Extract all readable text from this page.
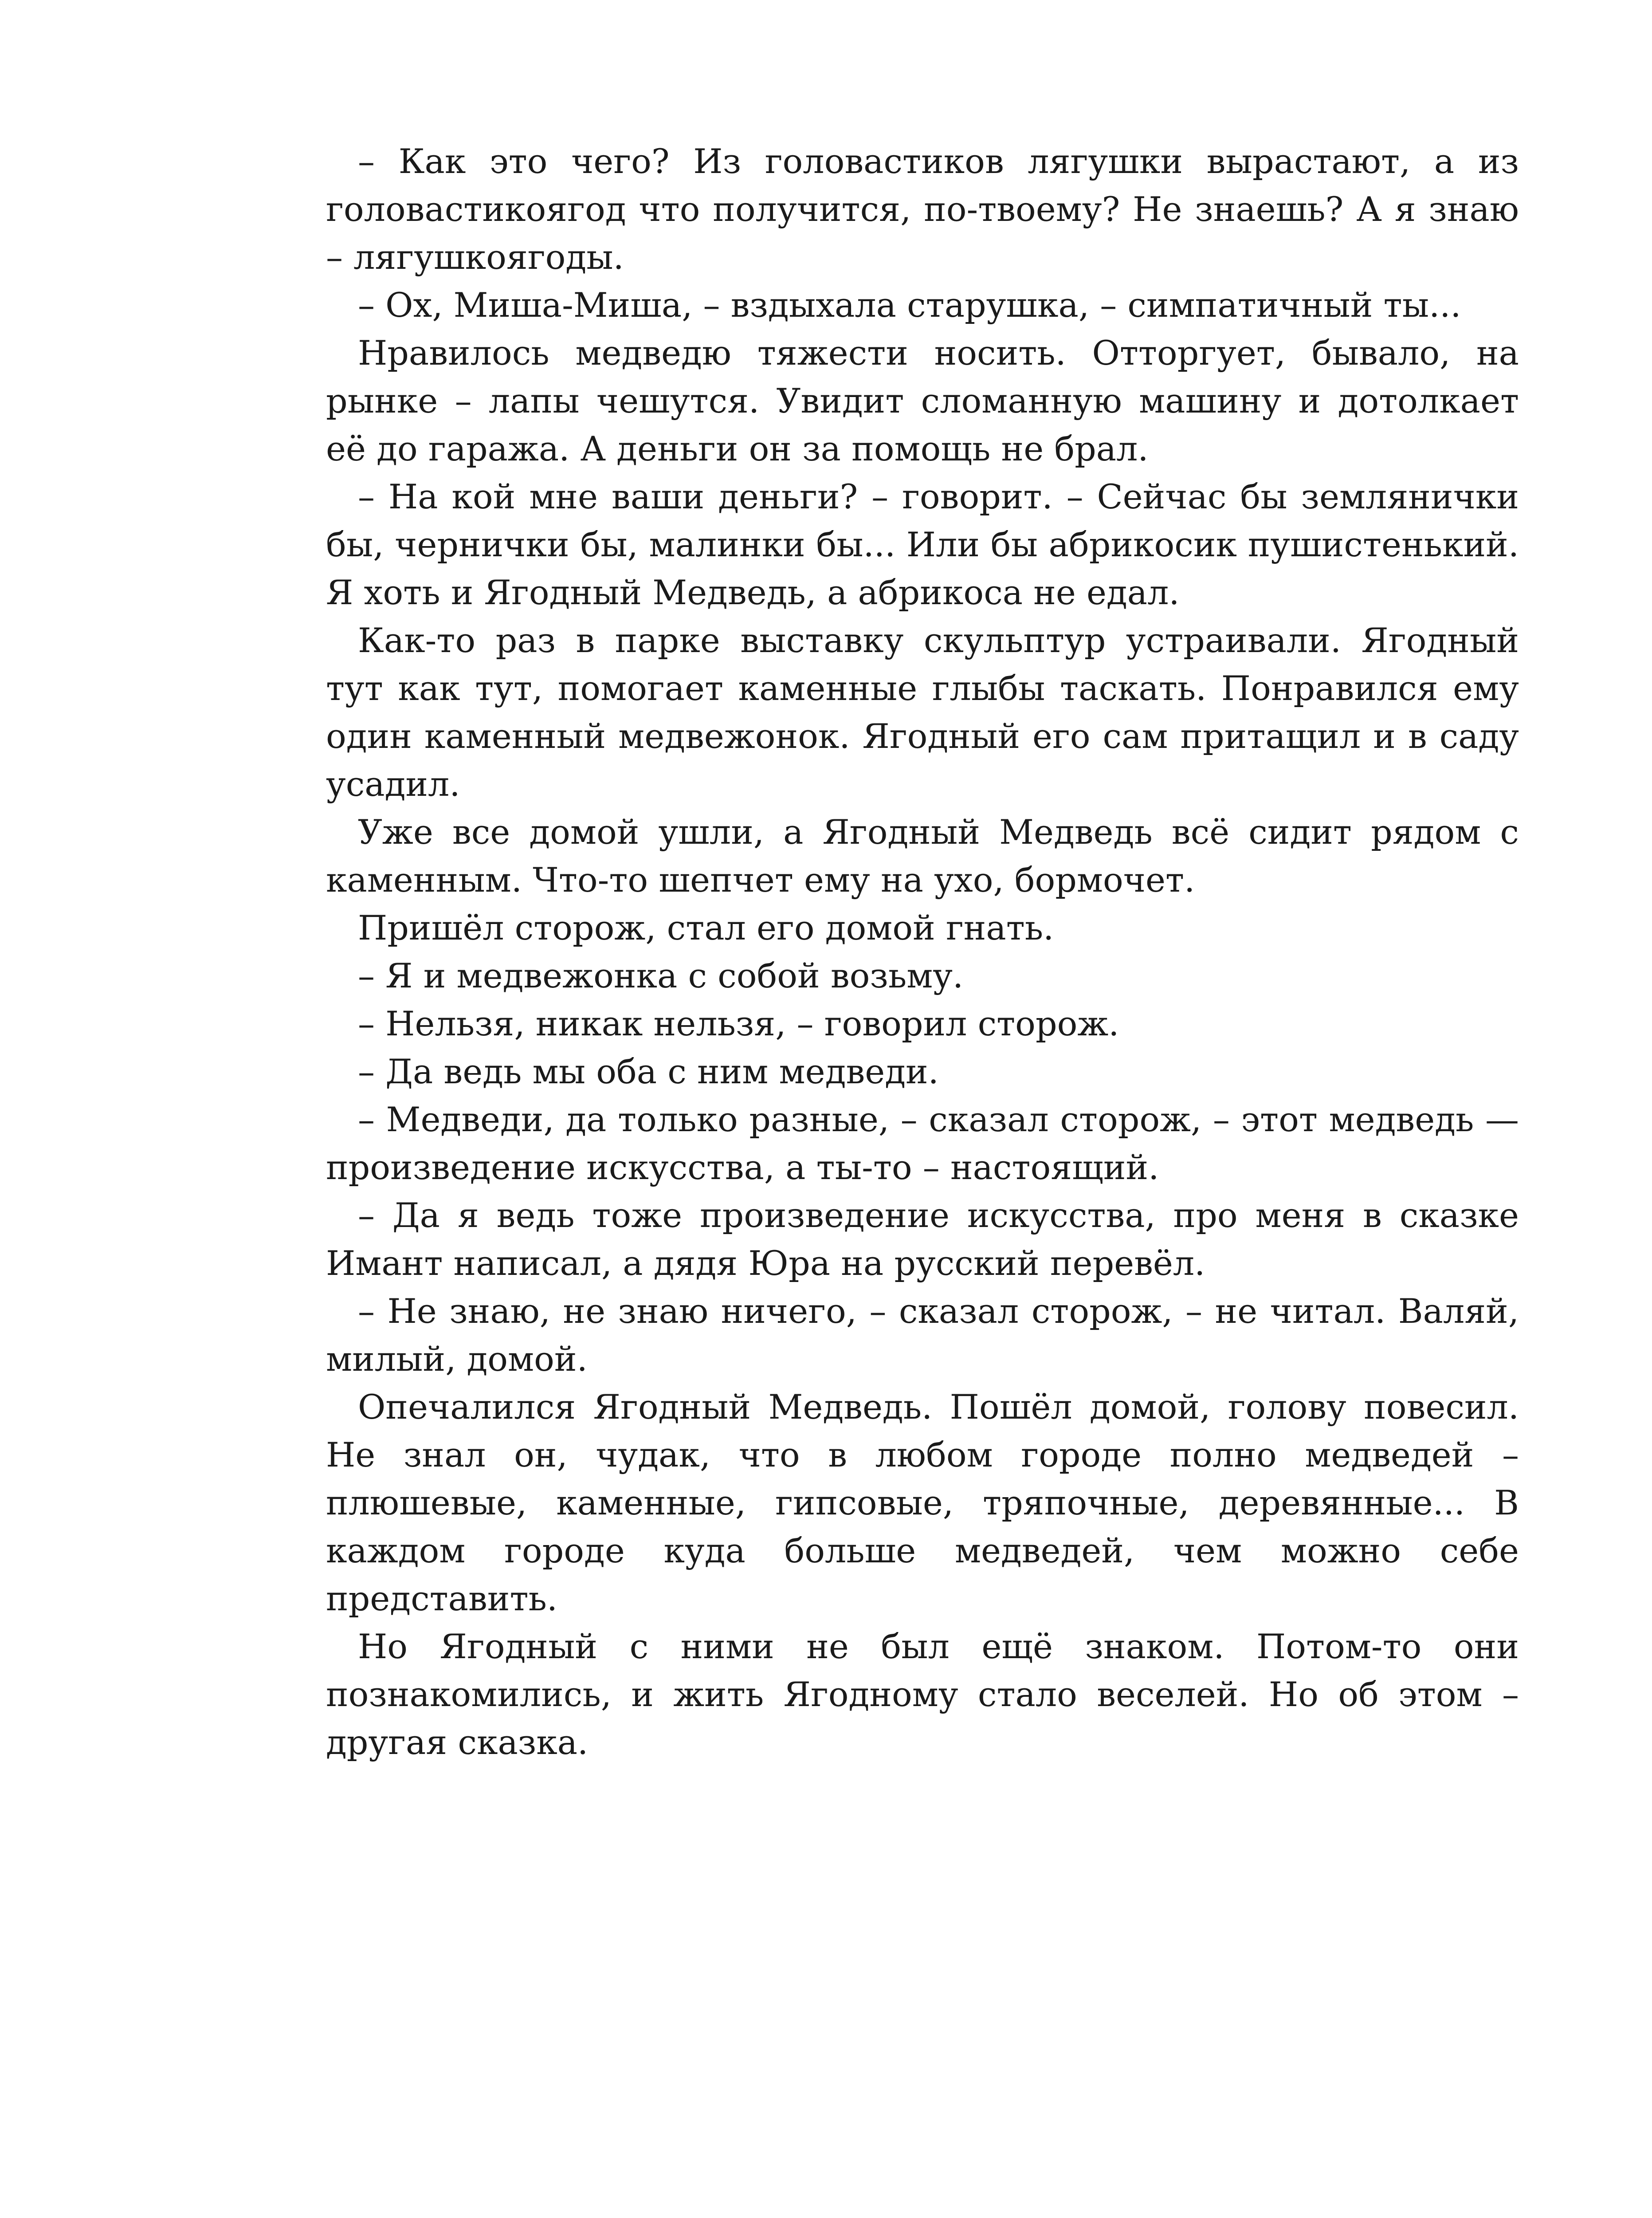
– Как это чего? Из головастиков лягушки вырастают, а из головастикоягод что получится, по-твоему? Не знаешь? А я знаю – лягушкоягоды.

– Ох, Миша-Миша, – вздыхала старушка, – симпатичный ты...

Нравилось медведю тяжести носить. Отторгует, бывало, на рынке – лапы чешутся. Увидит сломанную машину и дотолкает её до гаража. А деньги он за помощь не брал.

– На кой мне ваши деньги? – говорит. – Сейчас бы землянички бы, чернички бы, малинки бы... Или бы абрикосик пушистенький. Я хоть и Ягодный Медведь, а абрикоса не едал.

Как-то раз в парке выставку скульптур устраивали. Ягодный тут как тут, помогает каменные глыбы таскать. Понравился ему один каменный медвежонок. Ягодный его сам притащил и в саду усадил.

Уже все домой ушли, а Ягодный Медведь всё сидит рядом с каменным. Что-то шепчет ему на ухо, бормочет.

Пришёл сторож, стал его домой гнать.

– Я и медвежонка с собой возьму.

– Нельзя, никак нельзя, – говорил сторож.

– Да ведь мы оба с ним медведи.

– Медведи, да только разные, – сказал сторож, – этот медведь — произведение искусства, а ты-то – настоящий.

– Да я ведь тоже произведение искусства, про меня в сказке Имант написал, а дядя Юра на русский перевёл.

– Не знаю, не знаю ничего, – сказал сторож, – не читал. Валяй, милый, домой.

Опечалился Ягодный Медведь. Пошёл домой, голову повесил. Не знал он, чудак, что в любом городе полно медведей – плюшевые, каменные, гипсовые, тряпочные, деревянные... В каждом городе куда больше медведей, чем можно себе представить.

Но Ягодный с ними не был ещё знаком. Потом-то они познакомились, и жить Ягодному стало веселей. Но об этом – другая сказка.
